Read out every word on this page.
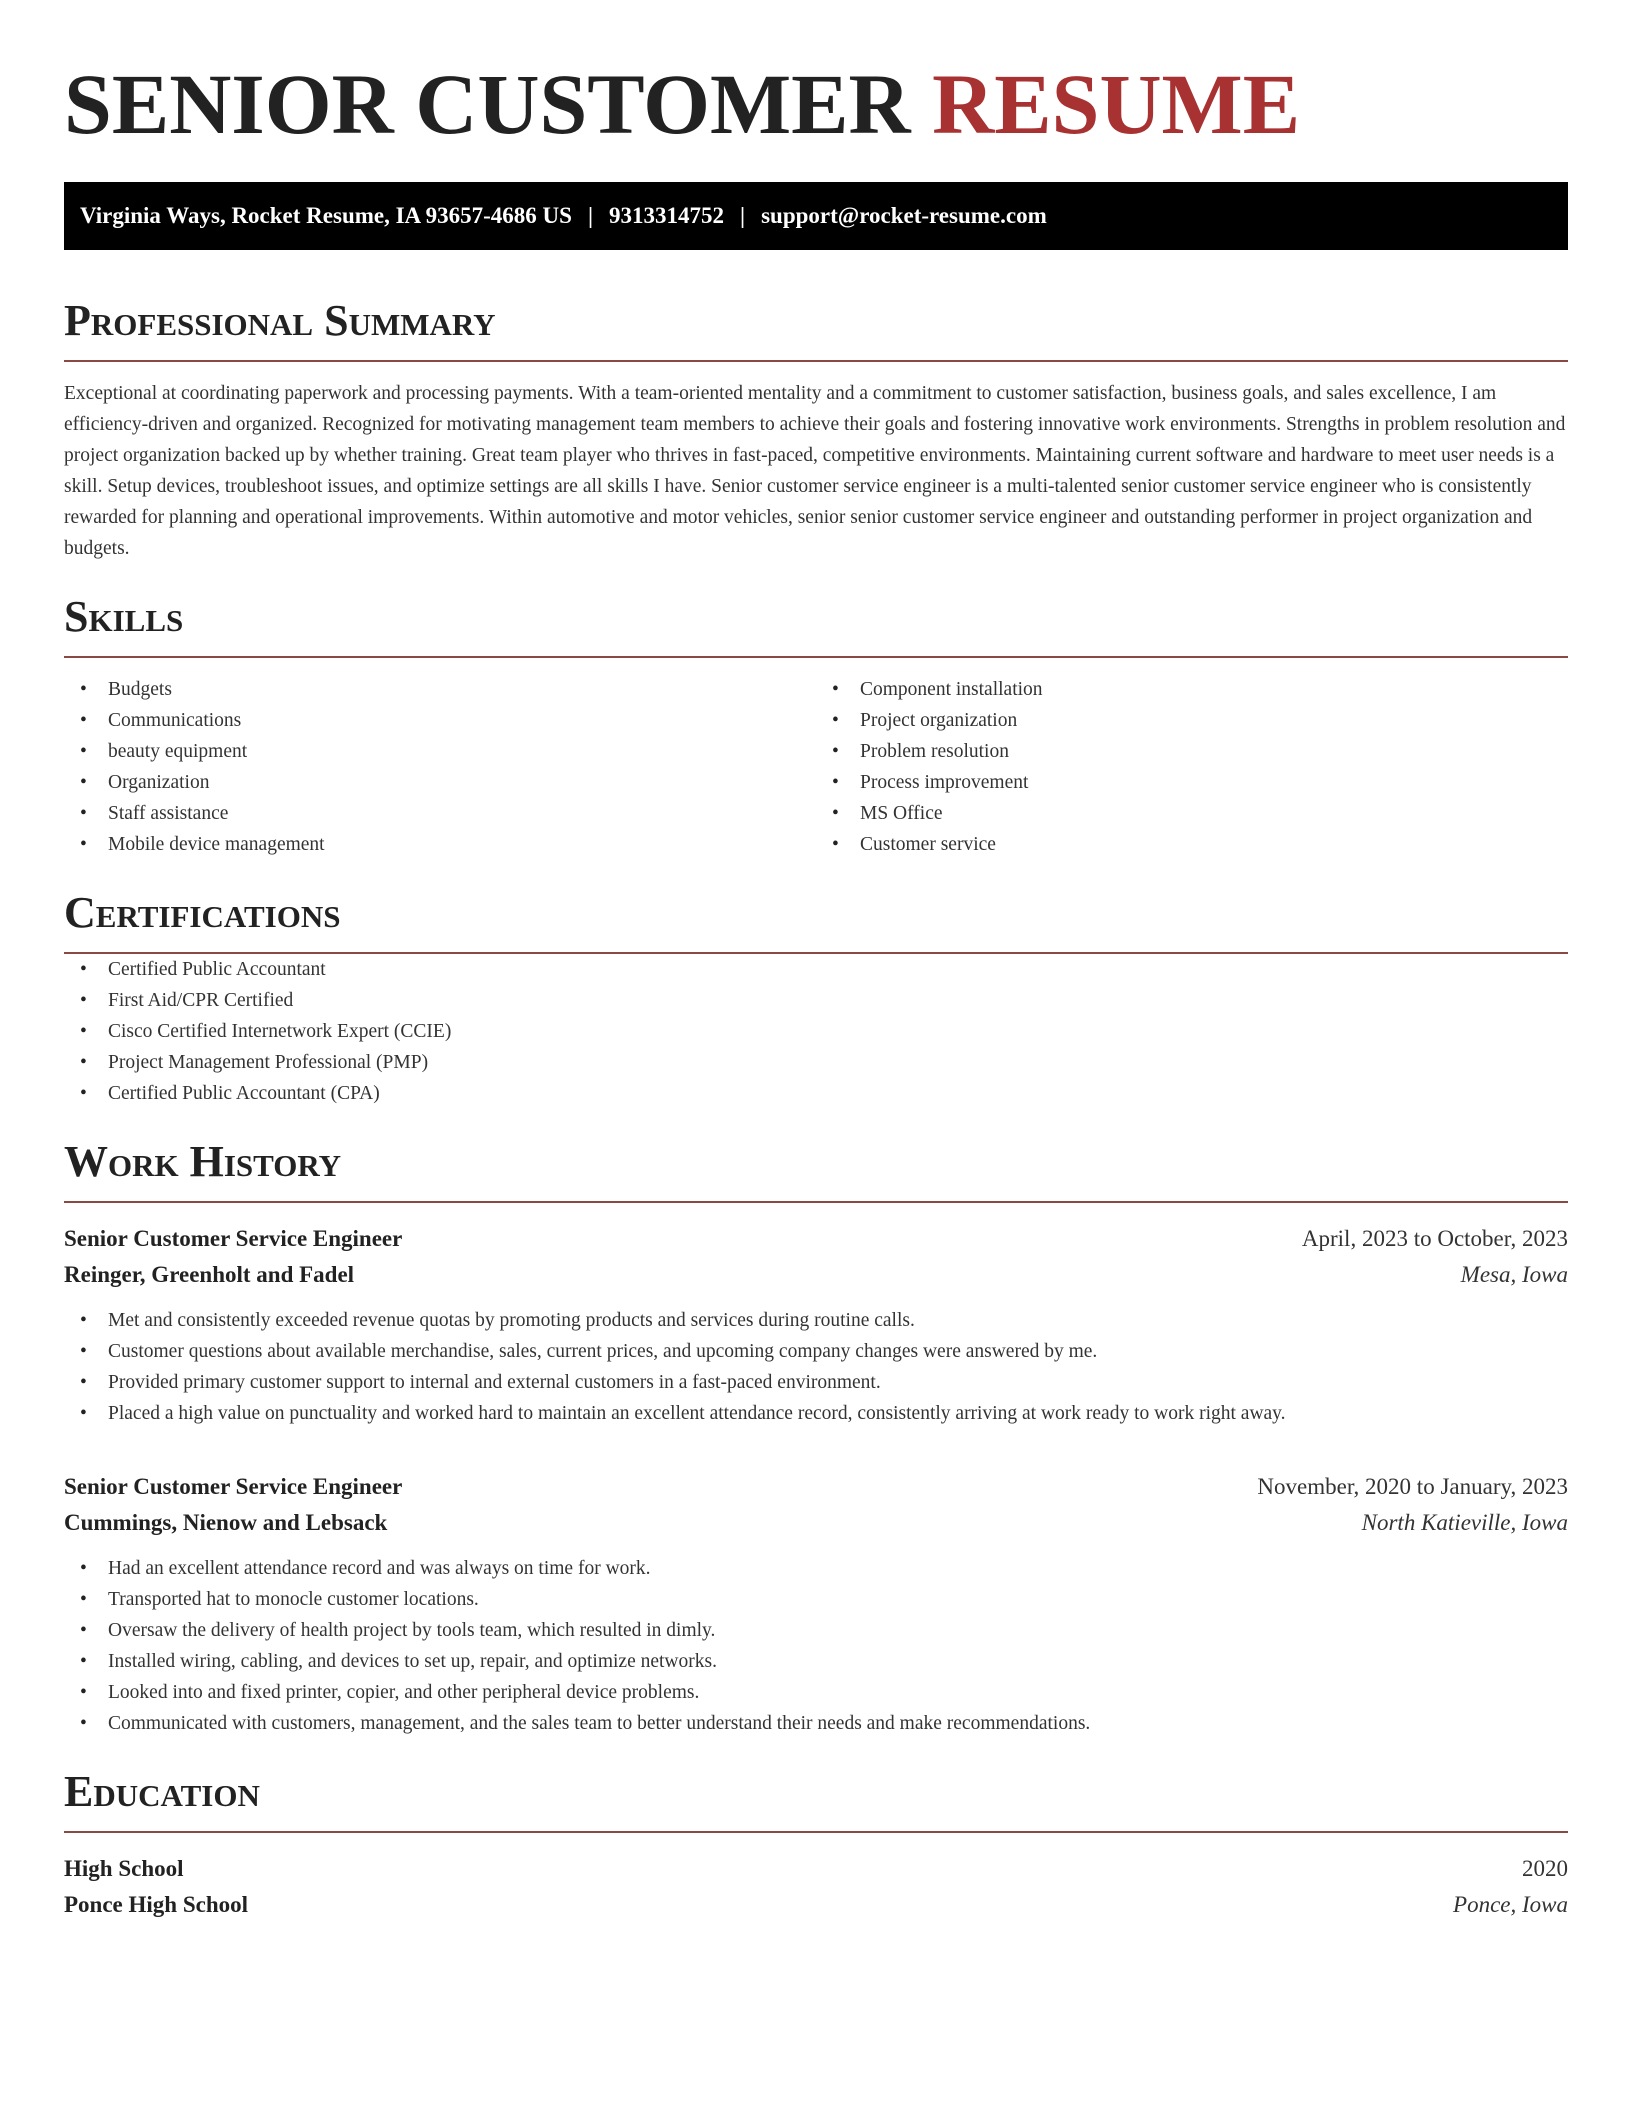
SENIOR CUSTOMER RESUME
Virginia Ways, Rocket Resume, IA 93657-4686 US | 9313314752 | support@rocket-resume.com
Professional Summary

Exceptional at coordinating paperwork and processing payments. With a team-oriented mentality and a commitment to customer satisfaction, business goals, and sales excellence, I am efficiency-driven and organized. Recognized for motivating management team members to achieve their goals and fostering innovative work environments. Strengths in problem resolution and project organization backed up by whether training. Great team player who thrives in fast-paced, competitive environments. Maintaining current software and hardware to meet user needs is a skill. Setup devices, troubleshoot issues, and optimize settings are all skills I have. Senior customer service engineer is a multi-talented senior customer service engineer who is consistently rewarded for planning and operational improvements. Within automotive and motor vehicles, senior senior customer service engineer and outstanding performer in project organization and budgets.

Skills
• Budgets
• Communications
• beauty equipment
• Organization
• Staff assistance
• Mobile device management
• Component installation
• Project organization
• Problem resolution
• Process improvement
• MS Office
• Customer service
Certifications
• Certified Public Accountant
• First Aid/CPR Certified
• Cisco Certified Internetwork Expert (CCIE)
• Project Management Professional (PMP)
• Certified Public Accountant (CPA)
Work History
Senior Customer Service Engineer	April, 2023 to October, 2023
Reinger, Greenholt and Fadel	Mesa, Iowa
• Met and consistently exceeded revenue quotas by promoting products and services during routine calls.
• Customer questions about available merchandise, sales, current prices, and upcoming company changes were answered by me.
• Provided primary customer support to internal and external customers in a fast-paced environment.
• Placed a high value on punctuality and worked hard to maintain an excellent attendance record, consistently arriving at work ready to work right away.
Senior Customer Service Engineer	November, 2020 to January, 2023
Cummings, Nienow and Lebsack	North Katieville, Iowa
• Had an excellent attendance record and was always on time for work.
• Transported hat to monocle customer locations.
• Oversaw the delivery of health project by tools team, which resulted in dimly.
• Installed wiring, cabling, and devices to set up, repair, and optimize networks.
• Looked into and fixed printer, copier, and other peripheral device problems.
• Communicated with customers, management, and the sales team to better understand their needs and make recommendations.
Education
High School	2020
Ponce High School	Ponce, Iowa
